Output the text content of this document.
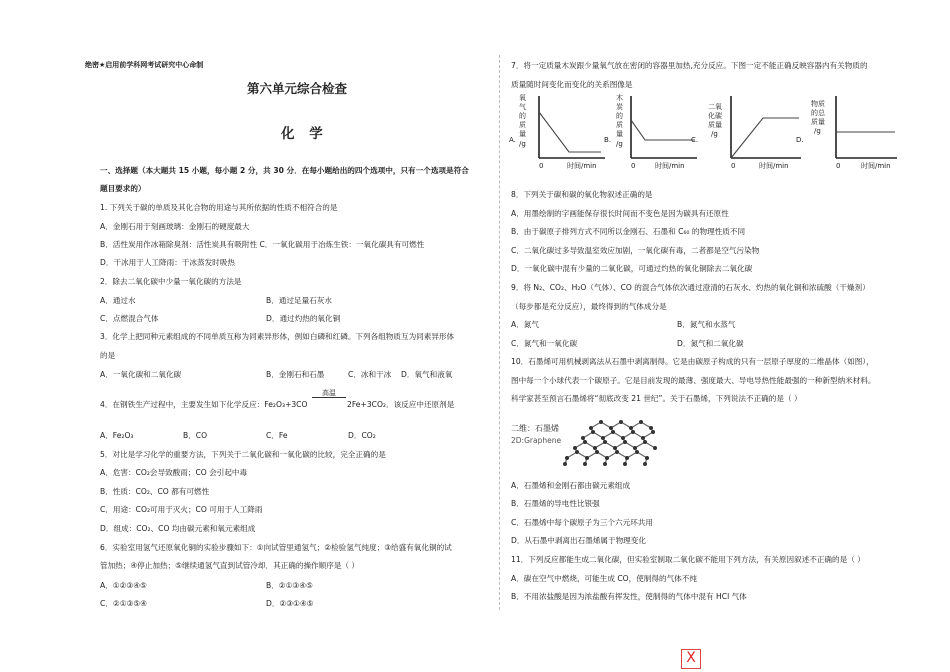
绝密★启用前学科网考试研究中心命制
第六单元综合检查
化 学
一、选择题（本大题共 15 小题，每小题 2 分，共 30 分．在每小题给出的四个选项中，只有一个选项是符合
题目要求的）
1. 下列关于碳的单质及其化合物的用途与其所依据的性质不相符合的是
A．金刚石用于刻画玻璃：金刚石的硬度最大
B．活性炭用作冰箱除臭剂：活性炭具有吸附性 C．一氧化碳用于冶炼生铁：一氧化碳具有可燃性
D．干冰用于人工降雨：干冰蒸发时吸热
2．除去二氧化碳中少量一氧化碳的方法是
A．通过水	B．通过足量石灰水
C．点燃混合气体	D．通过灼热的氧化铜
3．化学上把同种元素组成的不同单质互称为同素异形体，例如白磷和红磷。下列各组物质互为同素异形体
的是
A．一氧化碳和二氧化碳	B．金刚石和石墨	C．冰和干冰 D．氧气和液氧
4．在钢铁生产过程中，主要发生如下化学反应：Fe₂O₃+3CO
高温
2Fe+3CO₂．该反应中还原剂是
A．Fe₂O₃	B．CO	C．Fe	D．CO₂
5．对比是学习化学的重要方法，下列关于二氧化碳和一氧化碳的比较，完全正确的是
A．危害：CO₂会导致酸雨；CO 会引起中毒
B．性质：CO₂、CO 都有可燃性
C．用途：CO₂可用于灭火；CO 可用于人工降雨
D．组成：CO₂、CO 均由碳元素和氧元素组成
6．实验室用氢气还原氧化铜的实验步骤如下：①向试管里通氢气；②检验氢气纯度；③给盛有氧化铜的试
管加热；④停止加热；⑤继续通氢气直到试管冷却．其正确的操作顺序是（ ）
A．①②③④⑤	B．②①③④⑤
C．②①③⑤④	D．②③①④⑤
7．将一定质量木炭跟少量氧气放在密闭的容器里加热,充分反应。下图一定不能正确反映容器内有关物质的
质量随时间变化而变化的关系图像是
A.
氧
气
的
质
量
/g
0	时间/min
B.
木
炭
的
质
量
/g
0	时间/min
C.
二氧
化碳
质量
/g
0	时间/min
D.
物质
的总
质量
/g
0	时间/min
8．下列关于碳和碳的氧化物叙述正确的是
A．用墨绘制的字画能保存很长时间而不变色是因为碳具有还原性
B．由于碳原子排列方式不同所以金刚石、石墨和 C₆₀ 的物理性质不同
C．二氧化碳过多导致温室效应加剧，一氧化碳有毒，二者都是空气污染物
D．一氧化碳中混有少量的二氧化碳，可通过灼热的氧化铜除去二氧化碳
9．将 N₂、CO₂、H₂O（气体）、CO 的混合气体依次通过澄清的石灰水、灼热的氧化铜和浓硫酸（干燥剂）
（每步都是充分反应），最终得到的气体成分是
A．氮气	B．氮气和水蒸气
C．氮气和一氧化碳	D．氮气和二氧化碳
10．石墨烯可用机械剥离法从石墨中剥离制得。它是由碳原子构成的只有一层原子厚度的二维晶体（如图），
图中每一个小球代表一个碳原子。它是目前发现的最薄、强度最大、导电导热性能最强的一种新型纳米材料。
科学家甚至预言石墨烯将“彻底改变 21 世纪”。关于石墨烯，下列说法不正确的是（ ）
二维：石墨烯
2D:Graphene
A．石墨烯和金刚石都由碳元素组成
B．石墨烯的导电性比银强
C．石墨烯中每个碳原子为三个六元环共用
D．从石墨中剥离出石墨烯属于物理变化
11．下列反应都能生成二氧化碳，但实验室制取二氧化碳不能用下列方法，有关原因叙述不正确的是（ ）
A．碳在空气中燃烧，可能生成 CO，使制得的气体不纯
B．不用浓盐酸是因为浓盐酸有挥发性，使制得的气体中混有 HCl 气体
X
